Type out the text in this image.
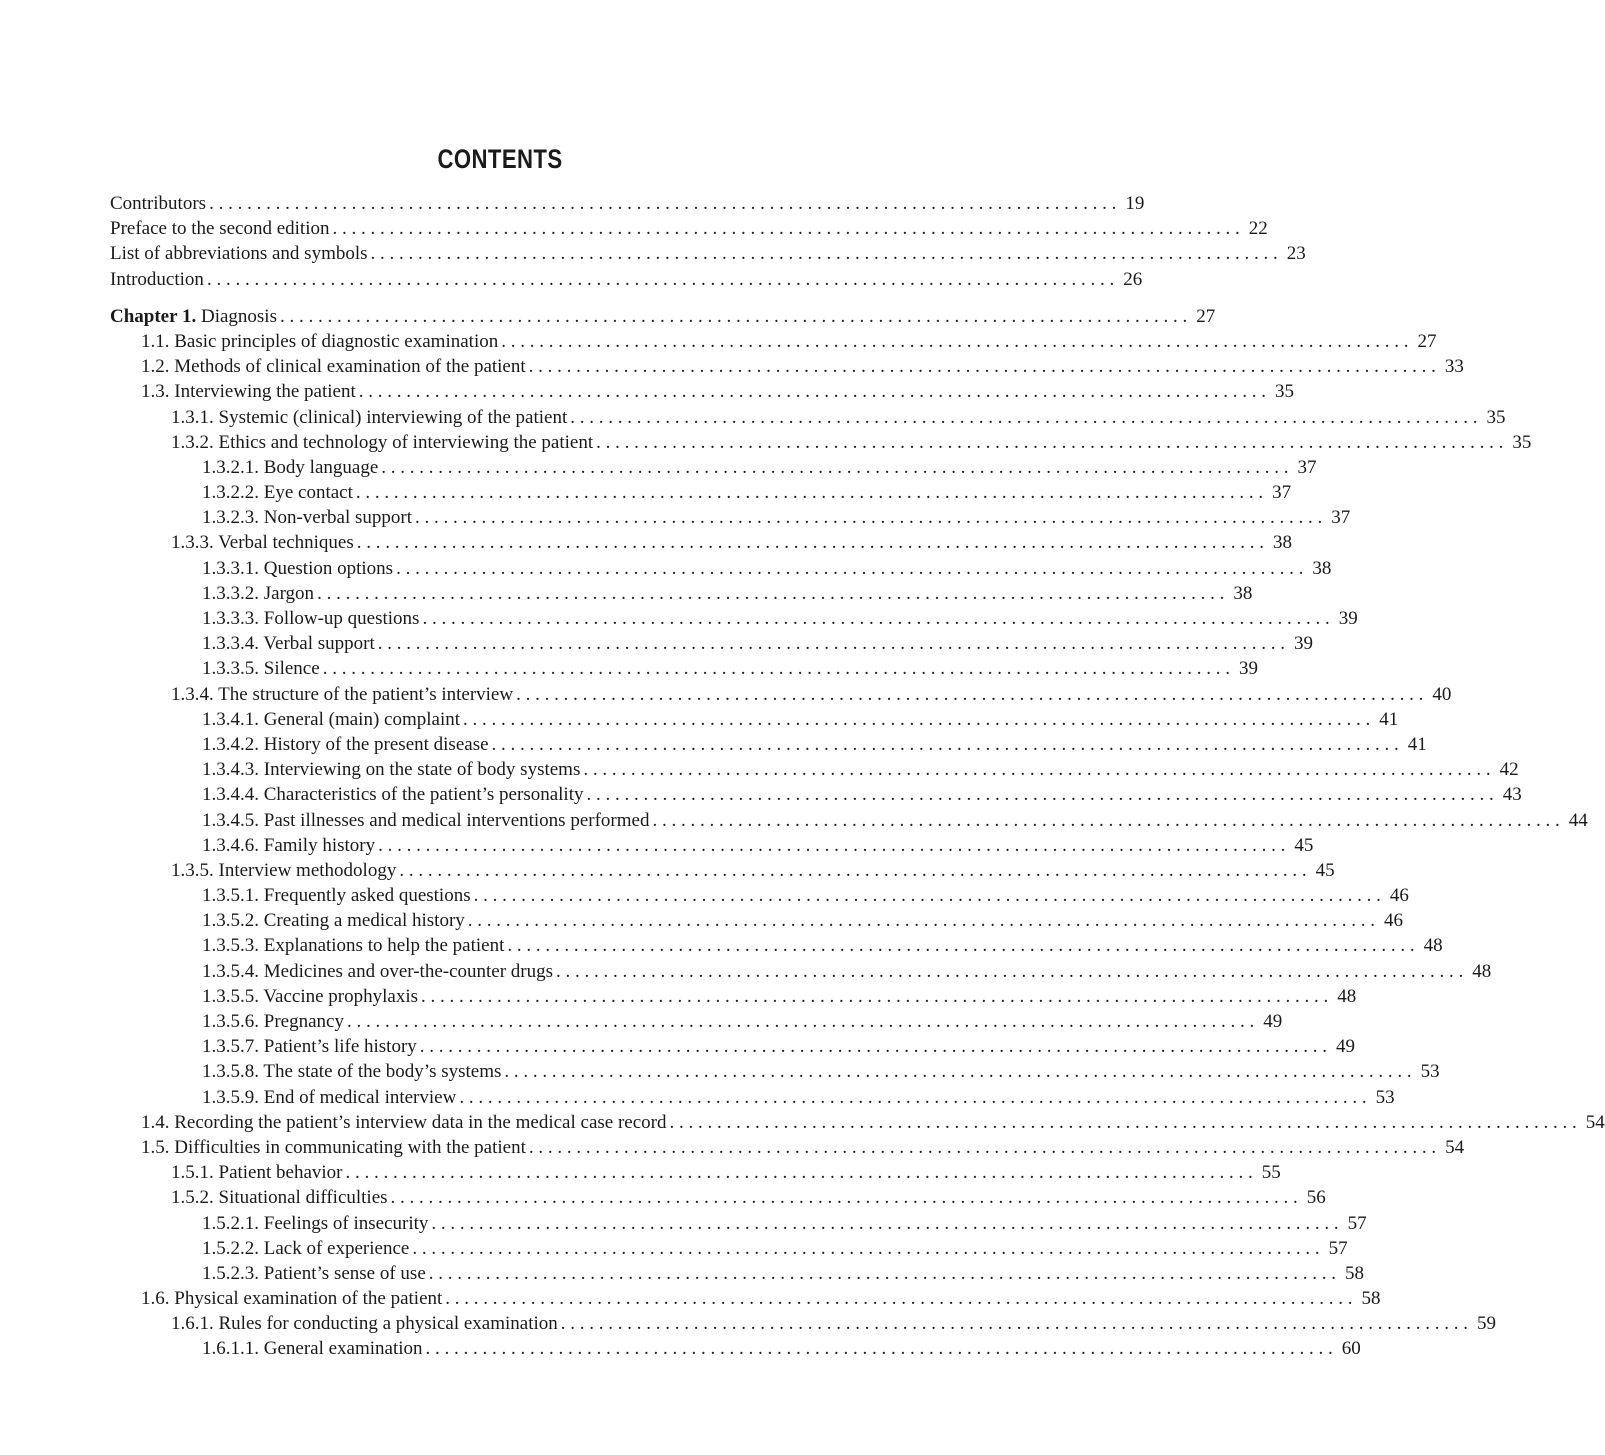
CONTENTS
Contributors . . .	19
Preface to the second edition . . .	22
List of abbreviations and symbols . . .	23
Introduction . . .	26
Chapter 1. Diagnosis . . .	27
1.1. Basic principles of diagnostic examination . . .	27
1.2. Methods of clinical examination of the patient . . .	33
1.3. Interviewing the patient . . .	35
1.3.1. Systemic (clinical) interviewing of the patient . . .	35
1.3.2. Ethics and technology of interviewing the patient . . .	35
1.3.2.1. Body language . . .	37
1.3.2.2. Eye contact . . .	37
1.3.2.3. Non-verbal support . . .	37
1.3.3. Verbal techniques . . .	38
1.3.3.1. Question options . . .	38
1.3.3.2. Jargon . . .	38
1.3.3.3. Follow-up questions . . .	39
1.3.3.4. Verbal support . . .	39
1.3.3.5. Silence . . .	39
1.3.4. The structure of the patient’s interview . . .	40
1.3.4.1. General (main) complaint . . .	41
1.3.4.2. History of the present disease . . .	41
1.3.4.3. Interviewing on the state of body systems . . .	42
1.3.4.4. Characteristics of the patient’s personality . . .	43
1.3.4.5. Past illnesses and medical interventions performed . . .	44
1.3.4.6. Family history . . .	45
1.3.5. Interview methodology . . .	45
1.3.5.1. Frequently asked questions . . .	46
1.3.5.2. Creating a medical history . . .	46
1.3.5.3. Explanations to help the patient . . .	48
1.3.5.4. Medicines and over-the-counter drugs . . .	48
1.3.5.5. Vaccine prophylaxis . . .	48
1.3.5.6. Pregnancy . . .	49
1.3.5.7. Patient’s life history . . .	49
1.3.5.8. The state of the body’s systems . . .	53
1.3.5.9. End of medical interview . . .	53
1.4. Recording the patient’s interview data in the medical case record . . .	54
1.5. Difficulties in communicating with the patient . . .	54
1.5.1. Patient behavior . . .	55
1.5.2. Situational difficulties . . .	56
1.5.2.1. Feelings of insecurity . . .	57
1.5.2.2. Lack of experience . . .	57
1.5.2.3. Patient’s sense of use . . .	58
1.6. Physical examination of the patient . . .	58
1.6.1. Rules for conducting a physical examination . . .	59
1.6.1.1. General examination . . .	60
